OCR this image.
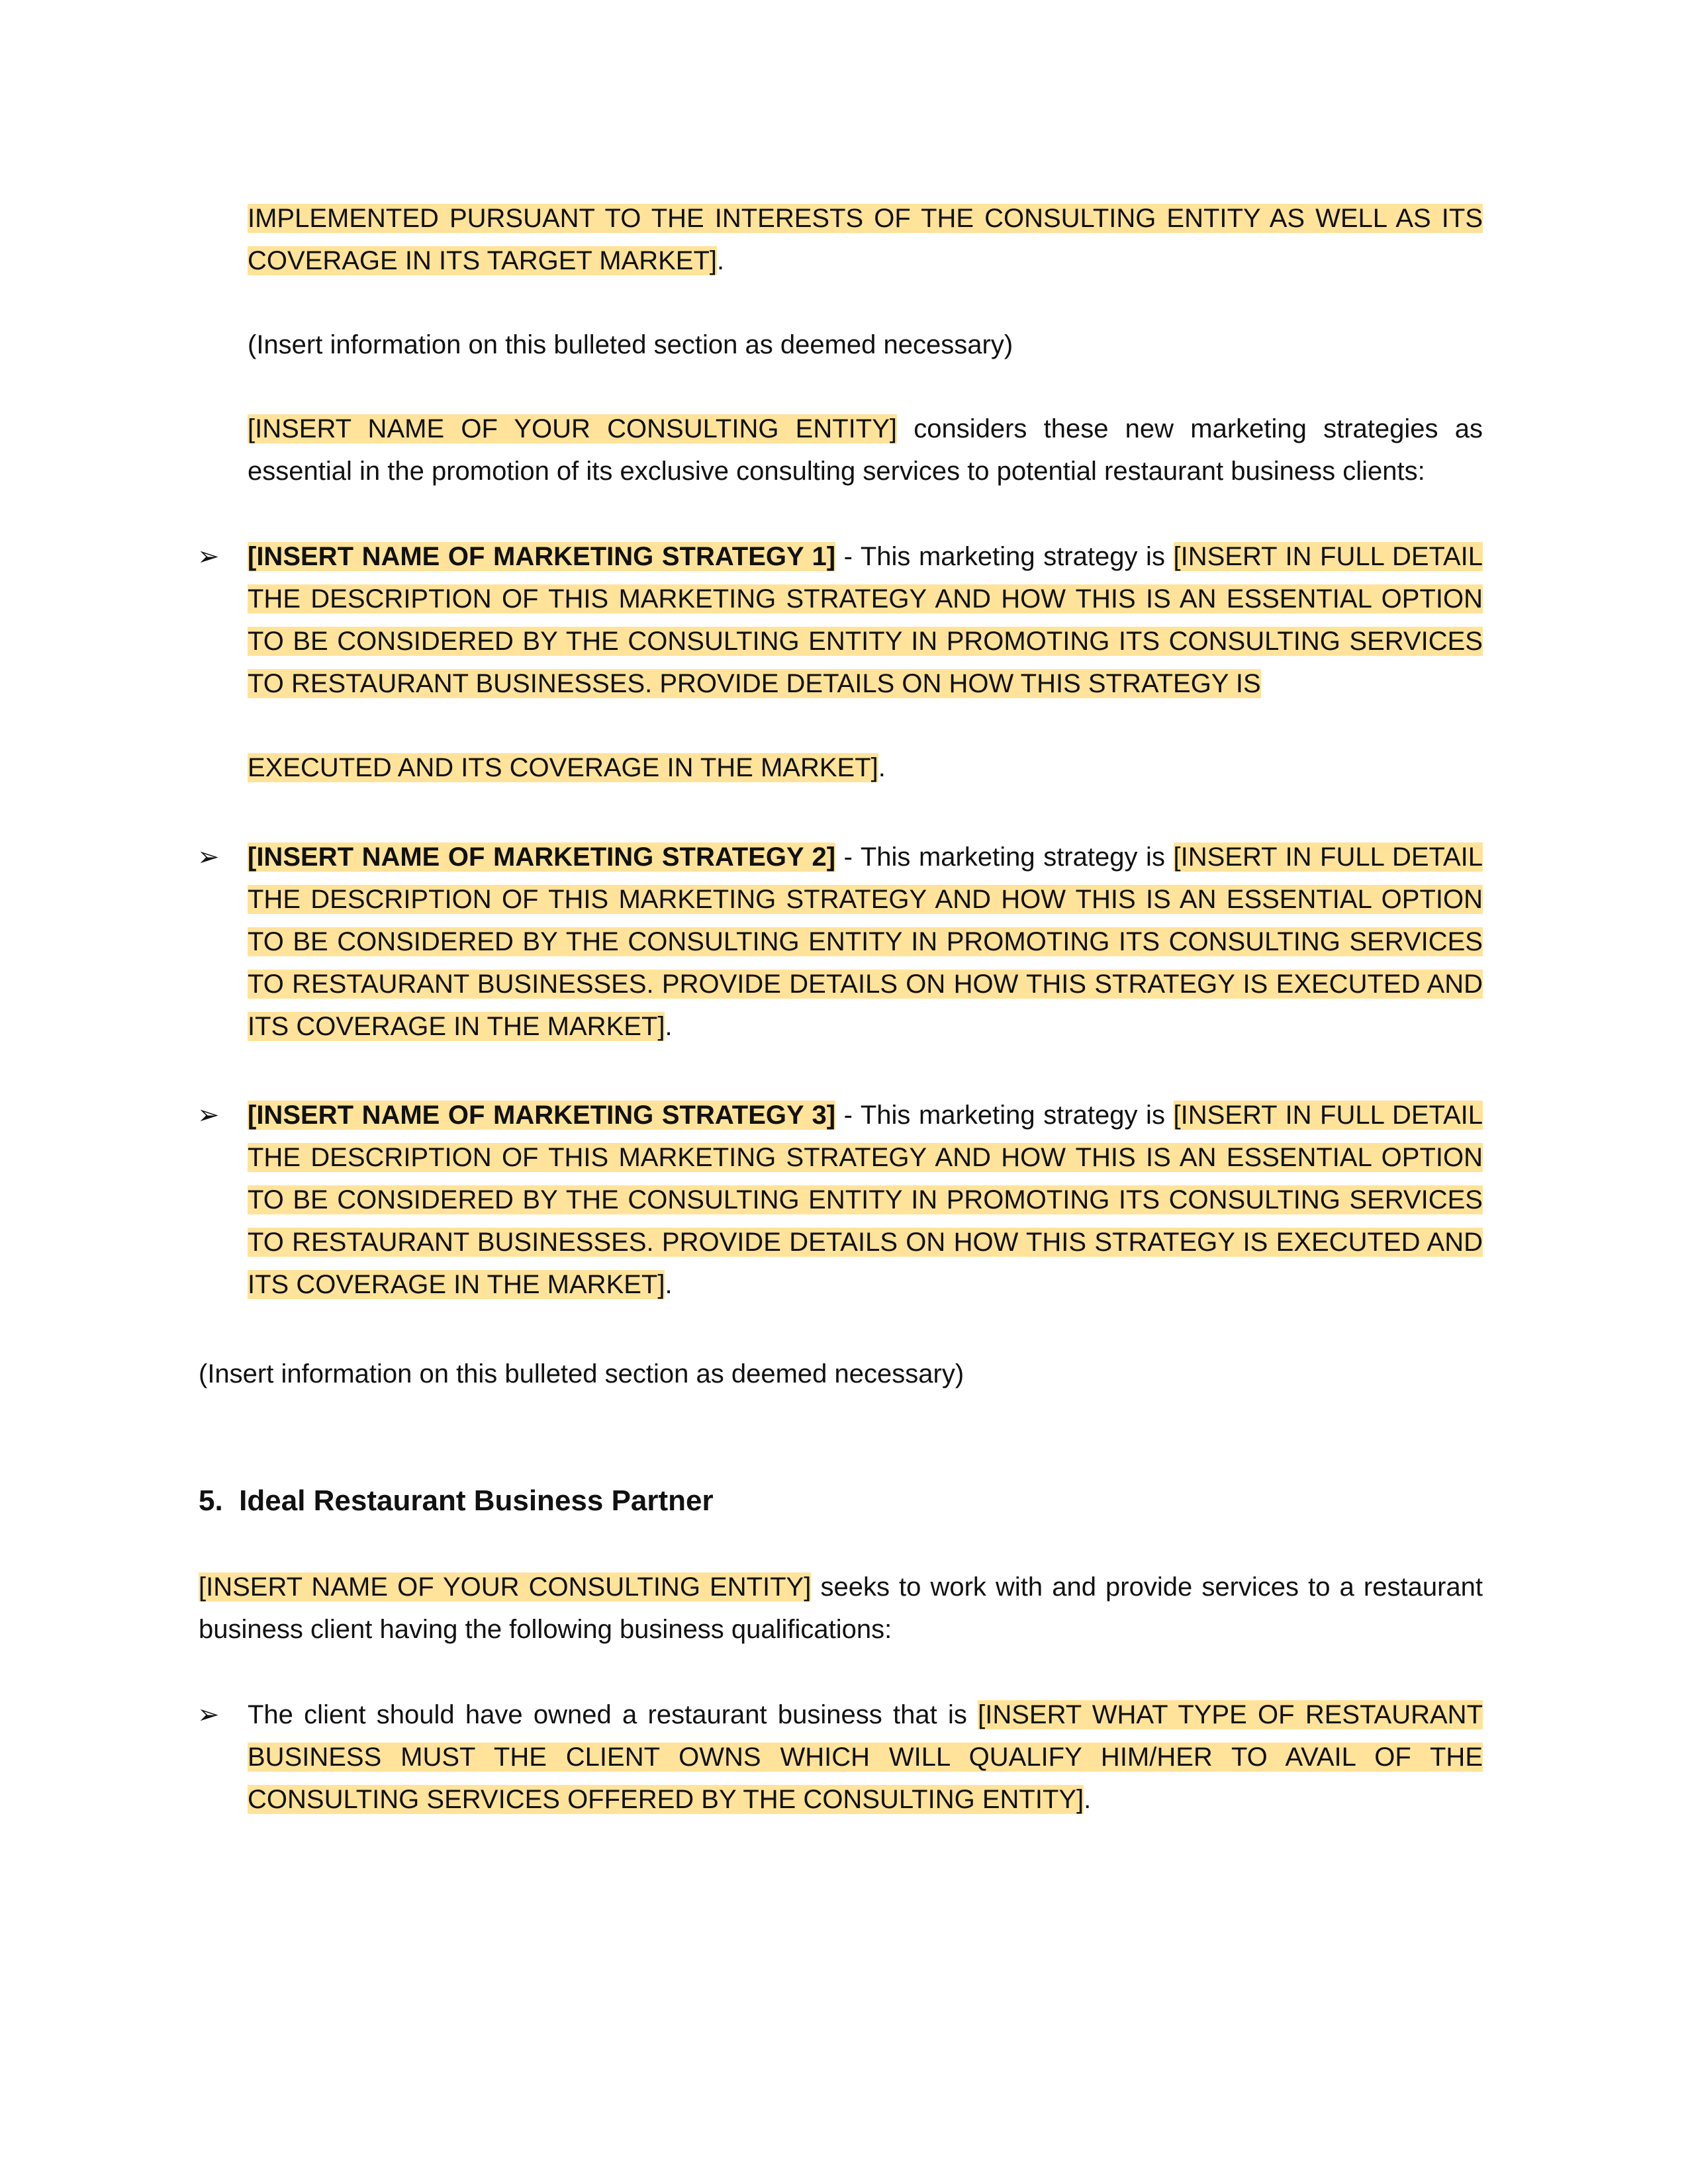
IMPLEMENTED PURSUANT TO THE INTERESTS OF THE CONSULTING ENTITY AS WELL AS ITS COVERAGE IN ITS TARGET MARKET].

(Insert information on this bulleted section as deemed necessary)

[INSERT NAME OF YOUR CONSULTING ENTITY] considers these new marketing strategies as essential in the promotion of its exclusive consulting services to potential restaurant business clients:

➢ [INSERT NAME OF MARKETING STRATEGY 1] - This marketing strategy is [INSERT IN FULL DETAIL THE DESCRIPTION OF THIS MARKETING STRATEGY AND HOW THIS IS AN ESSENTIAL OPTION TO BE CONSIDERED BY THE CONSULTING ENTITY IN PROMOTING ITS CONSULTING SERVICES TO RESTAURANT BUSINESSES. PROVIDE DETAILS ON HOW THIS STRATEGY IS

EXECUTED AND ITS COVERAGE IN THE MARKET].

➢ [INSERT NAME OF MARKETING STRATEGY 2] - This marketing strategy is [INSERT IN FULL DETAIL THE DESCRIPTION OF THIS MARKETING STRATEGY AND HOW THIS IS AN ESSENTIAL OPTION TO BE CONSIDERED BY THE CONSULTING ENTITY IN PROMOTING ITS CONSULTING SERVICES TO RESTAURANT BUSINESSES. PROVIDE DETAILS ON HOW THIS STRATEGY IS EXECUTED AND ITS COVERAGE IN THE MARKET].

➢ [INSERT NAME OF MARKETING STRATEGY 3] - This marketing strategy is [INSERT IN FULL DETAIL THE DESCRIPTION OF THIS MARKETING STRATEGY AND HOW THIS IS AN ESSENTIAL OPTION TO BE CONSIDERED BY THE CONSULTING ENTITY IN PROMOTING ITS CONSULTING SERVICES TO RESTAURANT BUSINESSES. PROVIDE DETAILS ON HOW THIS STRATEGY IS EXECUTED AND ITS COVERAGE IN THE MARKET].

(Insert information on this bulleted section as deemed necessary)

5. Ideal Restaurant Business Partner

[INSERT NAME OF YOUR CONSULTING ENTITY] seeks to work with and provide services to a restaurant business client having the following business qualifications:

➢ The client should have owned a restaurant business that is [INSERT WHAT TYPE OF RESTAURANT BUSINESS MUST THE CLIENT OWNS WHICH WILL QUALIFY HIM/HER TO AVAIL OF THE CONSULTING SERVICES OFFERED BY THE CONSULTING ENTITY].
